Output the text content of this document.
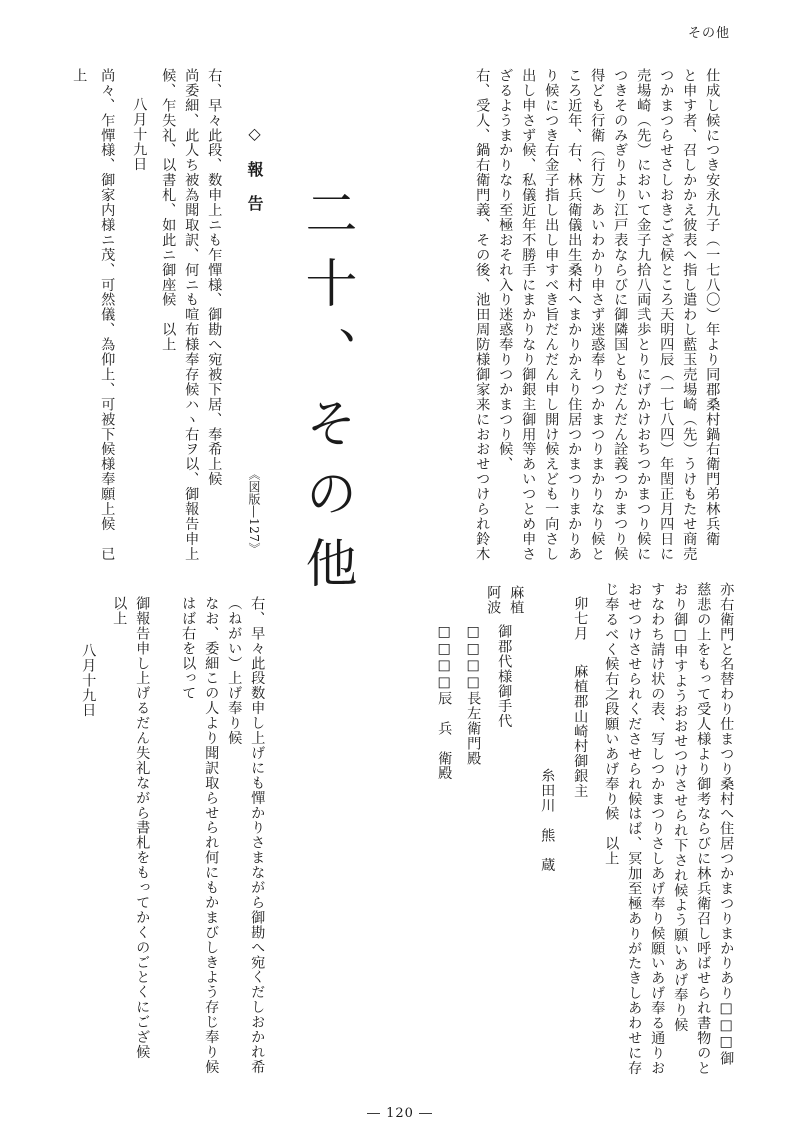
その他
仕成し候につき安永九子（一七八〇）年より同郡桑村鍋右衛門弟林兵衛
と申す者、召しかかえ彼表へ指し遣わし藍玉売場崎（先）うけもたせ商売
つかまつらせさしおきござ候ところ天明四辰（一七八四）年閏正月四日に
売場崎（先）において金子九拾八両弐歩とりにげかけおちつかまつり候に
つきそのみぎりより江戸表ならびに御隣国ともだんだん詮義つかまつり候
得ども行衛（行方）あいわかり申さず迷惑奉りつかまつりまかりなり候と
ころ近年、右、林兵衛儀出生桑村へまかりかえり住居つかまつりまかりあ
り候につき右金子指し出し申すべき旨だんだん申し開け候えども一向さし
出し申さず候、私儀近年不勝手にまかりなり御銀主御用等あいつとめ申さ
ざるようまかりなり至極おそれ入り迷惑奉りつかまつり候、
右、受人、鍋右衛門義、その後、池田周防様御家来におおせつけられ鈴木
二十、その他
◇報告
《図版―127》
右、早々此段、数申上ニも乍憚様、御勘へ宛被下居、奉希上候
尚委細、此人ち被為聞取訳、何ニも喧布様奉存候ハヽ右ヲ以、御報告申上
候、乍失礼、以書札、如此ニ御座候　以上
　八月十九日
尚々、乍憚様、御家内様ニ茂、可然儀、為仰上、可被下候様奉願上候　已
上
亦右衛門と名替わり仕まつり桑村へ住居つかまつりまかりあり□□□御
慈悲の上をもって受人様より御考ならびに林兵衛召し呼ばせられ書物のと
おり御□申すようおおせつけさせられ下され候よう願いあげ奉り候
すなわち請け状の表、写しつかまつりさしあげ奉り候願いあげ奉る通りお
おせつけさせられくださせられ候はば、冥加至極ありがたきしあわせに存
じ奉るべく候右之段願いあげ奉り候　以上
卯七月
麻植郡山崎村御銀主
糸田川　熊　蔵
麻植
阿波
御郡代様御手代
□□□□長左衛門殿
□□□□辰　兵　衛殿
右、早々此段数申し上げにも憚かりさまながら御勘へ宛くだしおかれ希
（ねがい）上げ奉り候
なお、委細この人より聞訳取らせられ何にもかまびしきよう存じ奉り候
はば右を以って
御報告申し上げるだん失礼ながら書札をもってかくのごとくにござ候
以上
　八月十九日
― 120 ―
